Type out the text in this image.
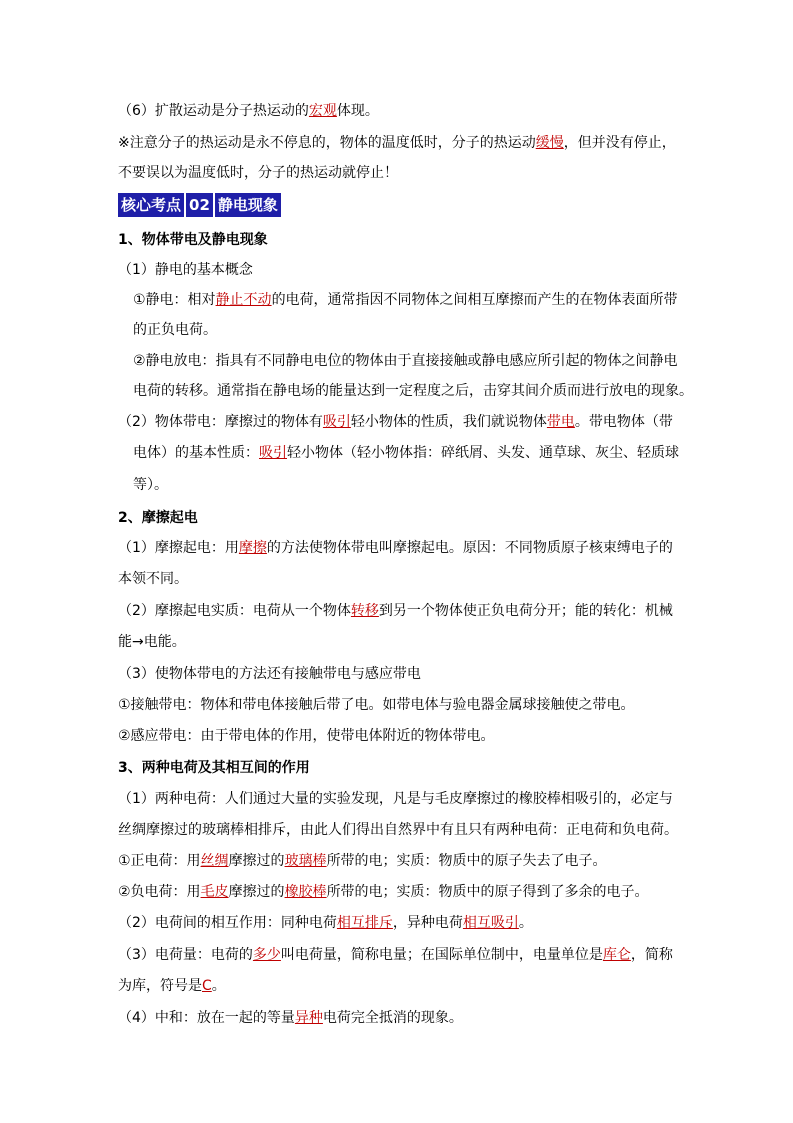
（6）扩散运动是分子热运动的宏观体现。
※注意分子的热运动是永不停息的，物体的温度低时，分子的热运动缓慢，但并没有停止，
不要误以为温度低时，分子的热运动就停止！
核心考点 02 静电现象
1、物体带电及静电现象
（1）静电的基本概念
①静电：相对静止不动的电荷，通常指因不同物体之间相互摩擦而产生的在物体表面所带
的正负电荷。
②静电放电：指具有不同静电电位的物体由于直接接触或静电感应所引起的物体之间静电
电荷的转移。通常指在静电场的能量达到一定程度之后，击穿其间介质而进行放电的现象。
（2）物体带电：摩擦过的物体有吸引轻小物体的性质，我们就说物体带电。带电物体（带
电体）的基本性质：吸引轻小物体（轻小物体指：碎纸屑、头发、通草球、灰尘、轻质球
等）。
2、摩擦起电
（1）摩擦起电：用摩擦的方法使物体带电叫摩擦起电。原因：不同物质原子核束缚电子的
本领不同。
（2）摩擦起电实质：电荷从一个物体转移到另一个物体使正负电荷分开；能的转化：机械
能→电能。
（3）使物体带电的方法还有接触带电与感应带电
①接触带电：物体和带电体接触后带了电。如带电体与验电器金属球接触使之带电。
②感应带电：由于带电体的作用，使带电体附近的物体带电。
3、两种电荷及其相互间的作用
（1）两种电荷：人们通过大量的实验发现，凡是与毛皮摩擦过的橡胶棒相吸引的，必定与
丝绸摩擦过的玻璃棒相排斥，由此人们得出自然界中有且只有两种电荷：正电荷和负电荷。
①正电荷：用丝绸摩擦过的玻璃棒所带的电；实质：物质中的原子失去了电子。
②负电荷：用毛皮摩擦过的橡胶棒所带的电；实质：物质中的原子得到了多余的电子。
（2）电荷间的相互作用：同种电荷相互排斥，异种电荷相互吸引。
（3）电荷量：电荷的多少叫电荷量，简称电量；在国际单位制中，电量单位是库仑，简称
为库，符号是C。
（4）中和：放在一起的等量异种电荷完全抵消的现象。
